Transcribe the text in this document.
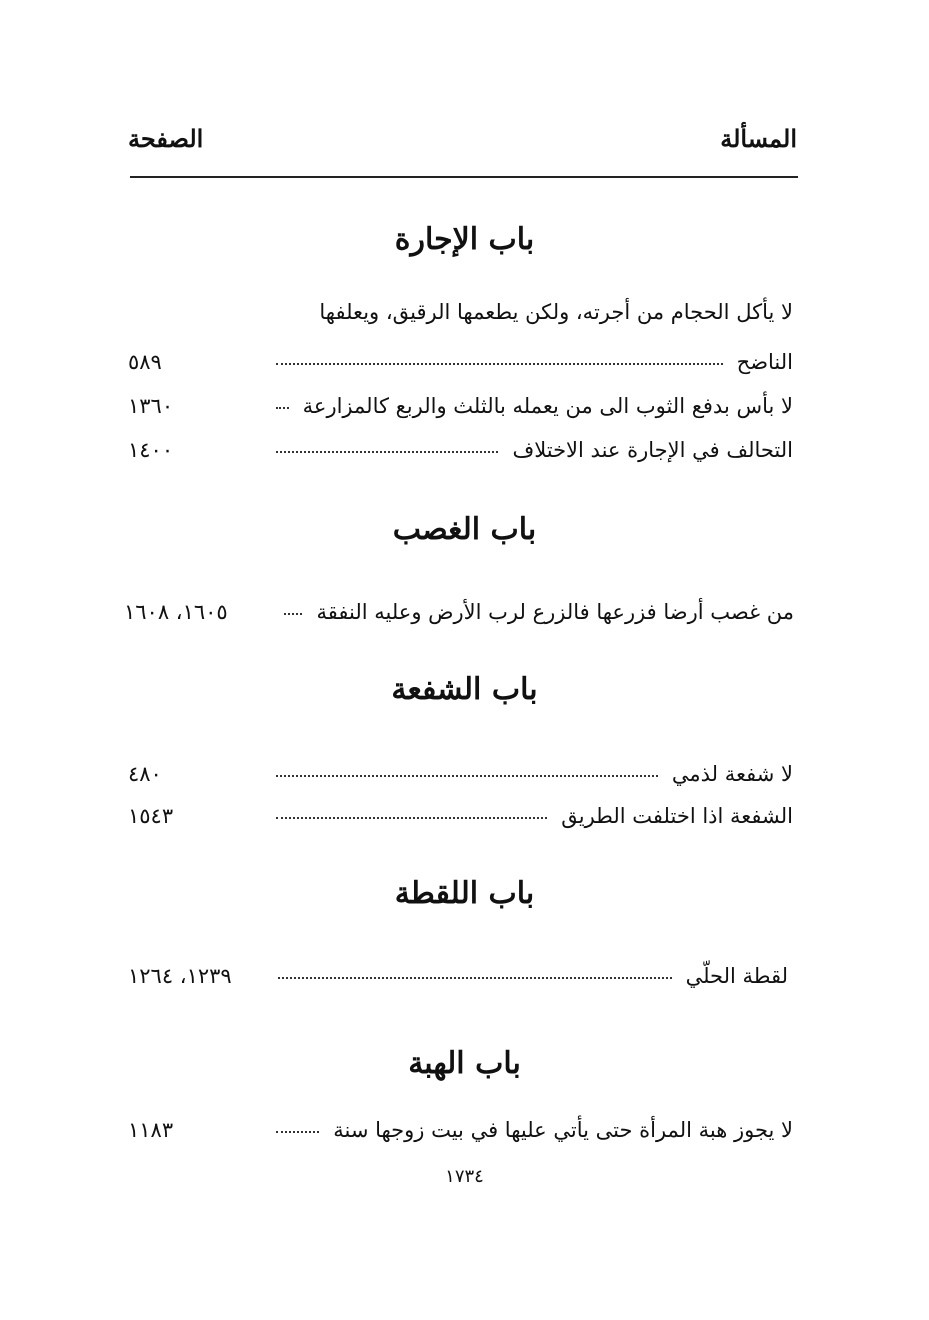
المسألة
الصفحة
باب الإجارة
لا يأكل الحجام من أجرته، ولكن يطعمها الرقيق، ويعلفها
الناضح
٥٨٩
لا بأس بدفع الثوب الى من يعمله بالثلث والربع كالمزارعة
١٣٦٠
التحالف في الإجارة عند الاختلاف
١٤٠٠
باب الغصب
من غصب أرضا فزرعها فالزرع لرب الأرض وعليه النفقة
١٦٠٥، ١٦٠٨
باب الشفعة
لا شفعة لذمي
٤٨٠
الشفعة اذا اختلفت الطريق
١٥٤٣
باب اللقطة
لقطة الحلّي
١٢٣٩، ١٢٦٤
باب الهبة
لا يجوز هبة المرأة حتى يأتي عليها في بيت زوجها سنة
١١٨٣
١٧٣٤
